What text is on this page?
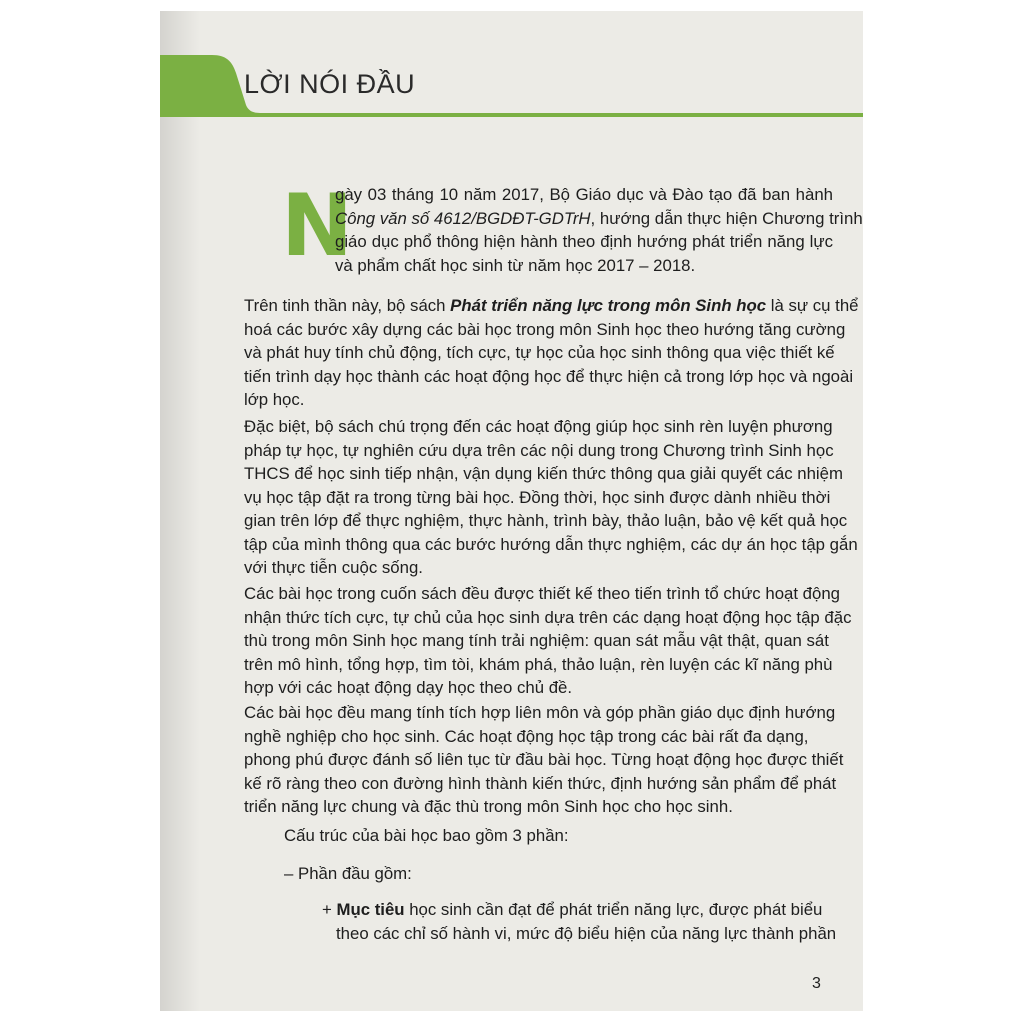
LỜI NÓI ĐẦU
N
gày 03 tháng 10 năm 2017, Bộ Giáo dục và Đào tạo đã ban hành
Công văn số 4612/BGDĐT-GDTrH, hướng dẫn thực hiện Chương trình
giáo dục phổ thông hiện hành theo định hướng phát triển năng lực
và phẩm chất học sinh từ năm học 2017 – 2018.
Trên tinh thần này, bộ sách Phát triển năng lực trong môn Sinh học là sự cụ thể
hoá các bước xây dựng các bài học trong môn Sinh học theo hướng tăng cường
và phát huy tính chủ động, tích cực, tự học của học sinh thông qua việc thiết kế
tiến trình dạy học thành các hoạt động học để thực hiện cả trong lớp học và ngoài
lớp học.
Đặc biệt, bộ sách chú trọng đến các hoạt động giúp học sinh rèn luyện phương
pháp tự học, tự nghiên cứu dựa trên các nội dung trong Chương trình Sinh học
THCS để học sinh tiếp nhận, vận dụng kiến thức thông qua giải quyết các nhiệm
vụ học tập đặt ra trong từng bài học. Đồng thời, học sinh được dành nhiều thời
gian trên lớp để thực nghiệm, thực hành, trình bày, thảo luận, bảo vệ kết quả học
tập của mình thông qua các bước hướng dẫn thực nghiệm, các dự án học tập gắn
với thực tiễn cuộc sống.
Các bài học trong cuốn sách đều được thiết kế theo tiến trình tổ chức hoạt động
nhận thức tích cực, tự chủ của học sinh dựa trên các dạng hoạt động học tập đặc
thù trong môn Sinh học mang tính trải nghiệm: quan sát mẫu vật thật, quan sát
trên mô hình, tổng hợp, tìm tòi, khám phá, thảo luận, rèn luyện các kĩ năng phù
hợp với các hoạt động dạy học theo chủ đề.
Các bài học đều mang tính tích hợp liên môn và góp phần giáo dục định hướng
nghề nghiệp cho học sinh. Các hoạt động học tập trong các bài rất đa dạng,
phong phú được đánh số liên tục từ đầu bài học. Từng hoạt động học được thiết
kế rõ ràng theo con đường hình thành kiến thức, định hướng sản phẩm để phát
triển năng lực chung và đặc thù trong môn Sinh học cho học sinh.
Cấu trúc của bài học bao gồm 3 phần:
– Phần đầu gồm:
+ Mục tiêu học sinh cần đạt để phát triển năng lực, được phát biểu
theo các chỉ số hành vi, mức độ biểu hiện của năng lực thành phần
3
